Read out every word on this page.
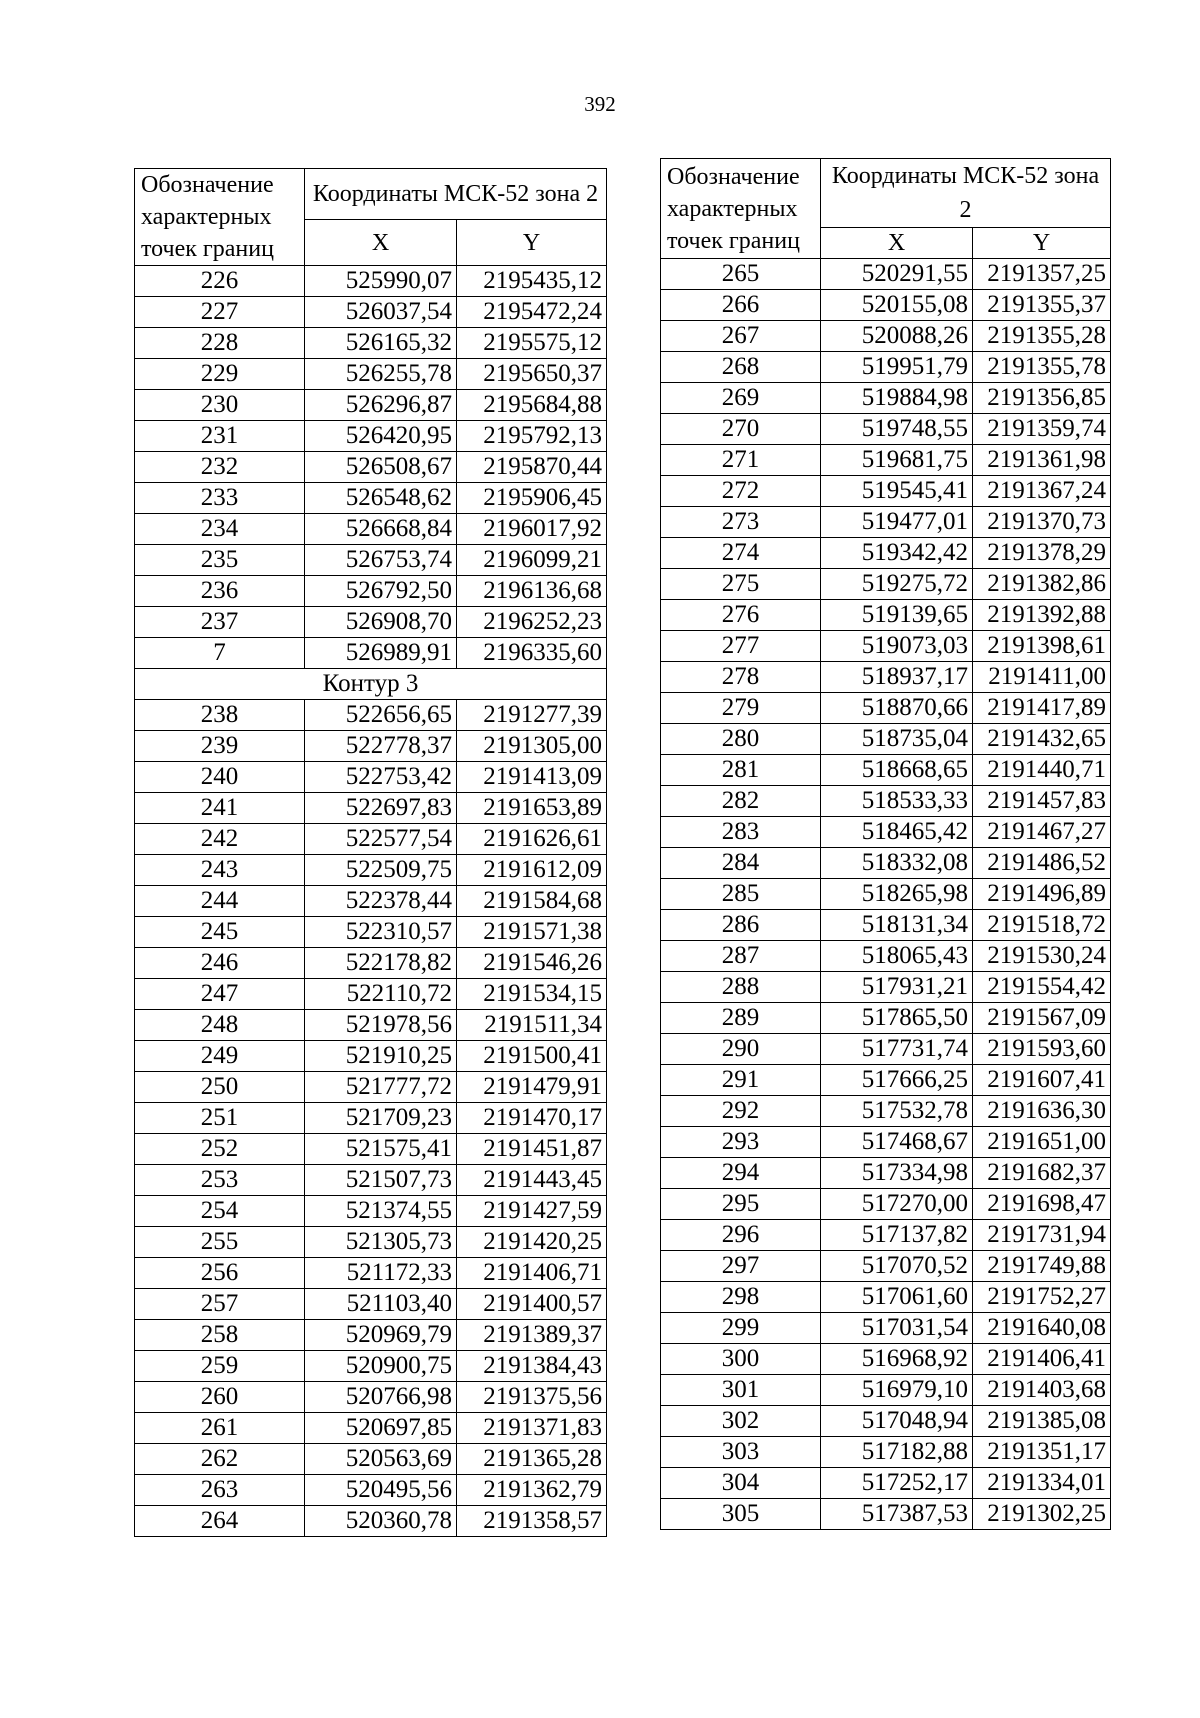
392
Обозначение характерных точек границ	Координаты МСК-52 зона 2	
	X	Y
226	525990,07	2195435,12
227	526037,54	2195472,24
228	526165,32	2195575,12
229	526255,78	2195650,37
230	526296,87	2195684,88
231	526420,95	2195792,13
232	526508,67	2195870,44
233	526548,62	2195906,45
234	526668,84	2196017,92
235	526753,74	2196099,21
236	526792,50	2196136,68
237	526908,70	2196252,23
7	526989,91	2196335,60
Контур 3		
238	522656,65	2191277,39
239	522778,37	2191305,00
240	522753,42	2191413,09
241	522697,83	2191653,89
242	522577,54	2191626,61
243	522509,75	2191612,09
244	522378,44	2191584,68
245	522310,57	2191571,38
246	522178,82	2191546,26
247	522110,72	2191534,15
248	521978,56	2191511,34
249	521910,25	2191500,41
250	521777,72	2191479,91
251	521709,23	2191470,17
252	521575,41	2191451,87
253	521507,73	2191443,45
254	521374,55	2191427,59
255	521305,73	2191420,25
256	521172,33	2191406,71
257	521103,40	2191400,57
258	520969,79	2191389,37
259	520900,75	2191384,43
260	520766,98	2191375,56
261	520697,85	2191371,83
262	520563,69	2191365,28
263	520495,56	2191362,79
264	520360,78	2191358,57
Обозначение характерных точек границ	Координаты МСК-52 зона 2	
	X	Y
265	520291,55	2191357,25
266	520155,08	2191355,37
267	520088,26	2191355,28
268	519951,79	2191355,78
269	519884,98	2191356,85
270	519748,55	2191359,74
271	519681,75	2191361,98
272	519545,41	2191367,24
273	519477,01	2191370,73
274	519342,42	2191378,29
275	519275,72	2191382,86
276	519139,65	2191392,88
277	519073,03	2191398,61
278	518937,17	2191411,00
279	518870,66	2191417,89
280	518735,04	2191432,65
281	518668,65	2191440,71
282	518533,33	2191457,83
283	518465,42	2191467,27
284	518332,08	2191486,52
285	518265,98	2191496,89
286	518131,34	2191518,72
287	518065,43	2191530,24
288	517931,21	2191554,42
289	517865,50	2191567,09
290	517731,74	2191593,60
291	517666,25	2191607,41
292	517532,78	2191636,30
293	517468,67	2191651,00
294	517334,98	2191682,37
295	517270,00	2191698,47
296	517137,82	2191731,94
297	517070,52	2191749,88
298	517061,60	2191752,27
299	517031,54	2191640,08
300	516968,92	2191406,41
301	516979,10	2191403,68
302	517048,94	2191385,08
303	517182,88	2191351,17
304	517252,17	2191334,01
305	517387,53	2191302,25
